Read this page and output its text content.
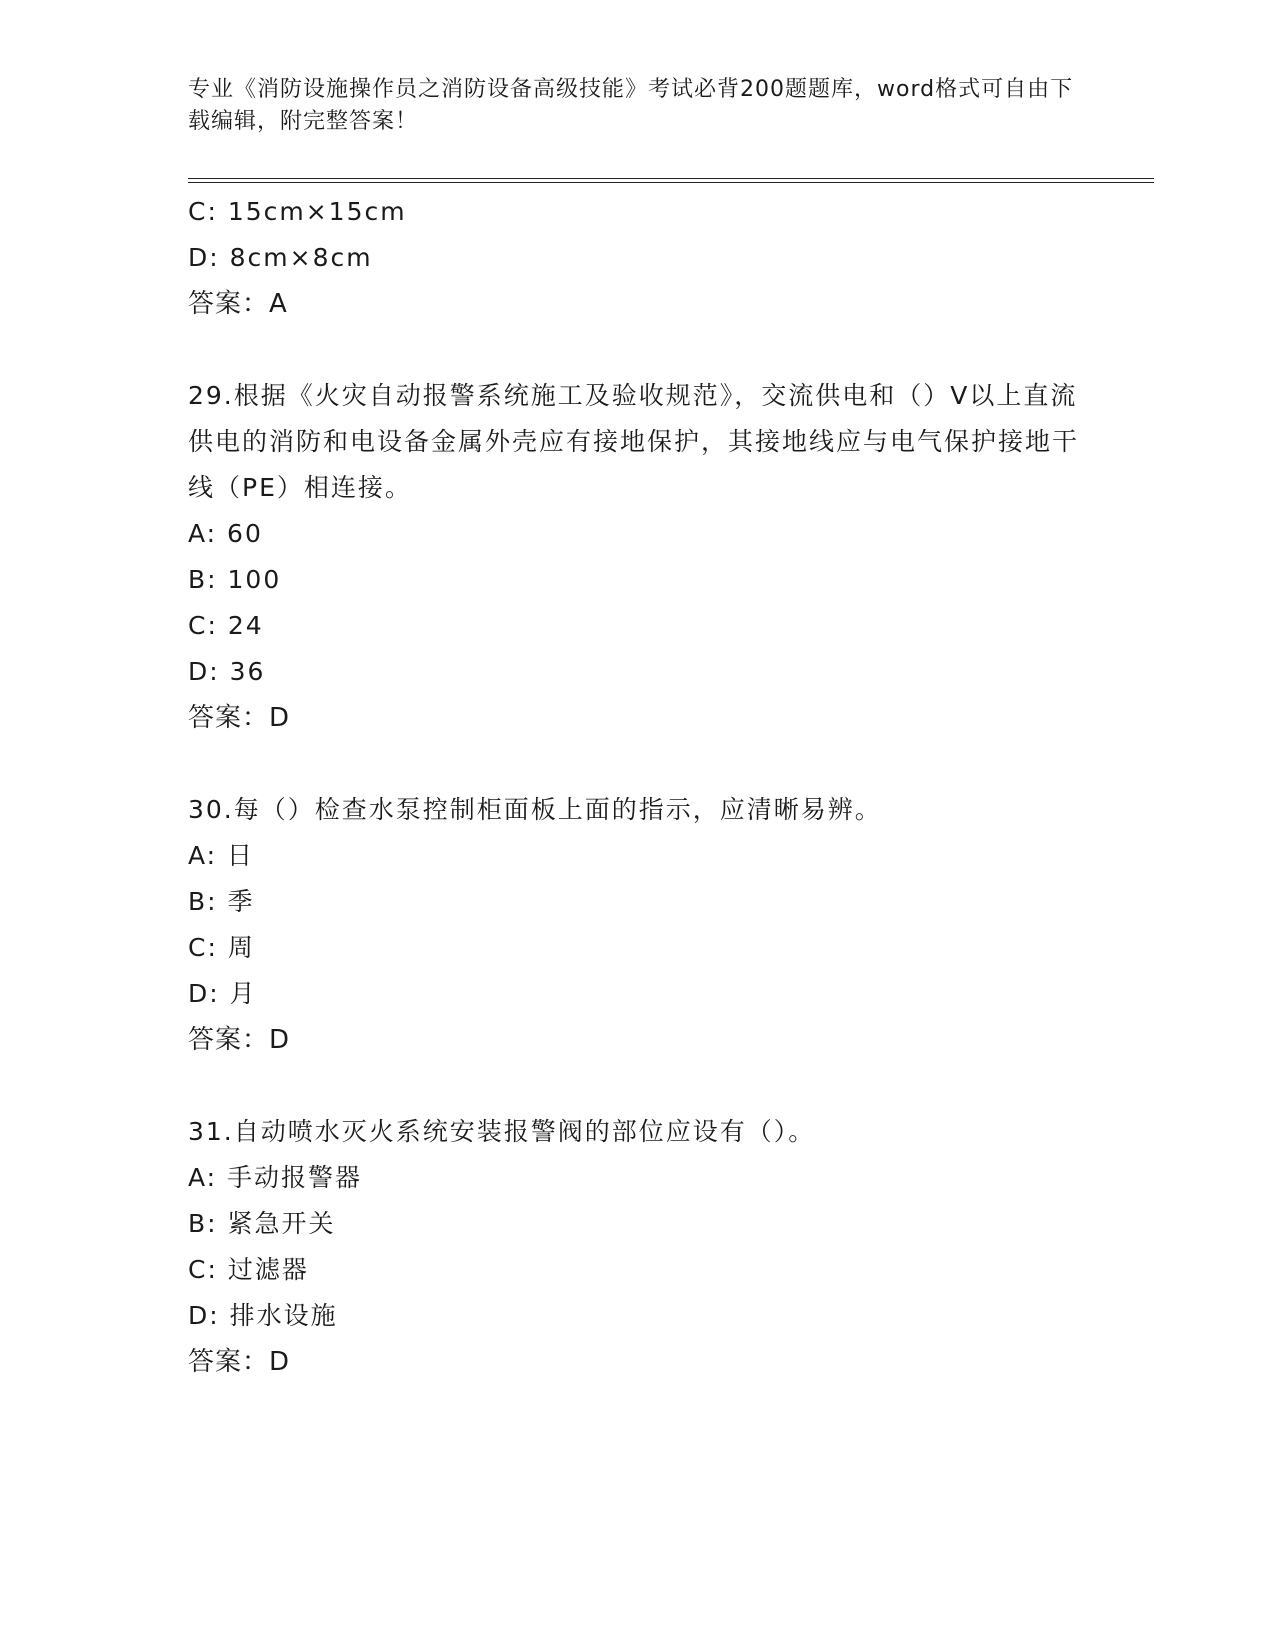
专业《消防设施操作员之消防设备高级技能》考试必背200题题库，word格式可自由下载编辑，附完整答案！
C: 15cm×15cm
D: 8cm×8cm
答案：A
29.根据《火灾自动报警系统施工及验收规范》，交流供电和（）V以上直流供电的消防和电设备金属外壳应有接地保护，其接地线应与电气保护接地干线（PE）相连接。
A: 60
B: 100
C: 24
D: 36
答案：D
30.每（）检查水泵控制柜面板上面的指示，应清晰易辨。
A: 日
B: 季
C: 周
D: 月
答案：D
31.自动喷水灭火系统安装报警阀的部位应设有（）。
A: 手动报警器
B: 紧急开关
C: 过滤器
D: 排水设施
答案：D
